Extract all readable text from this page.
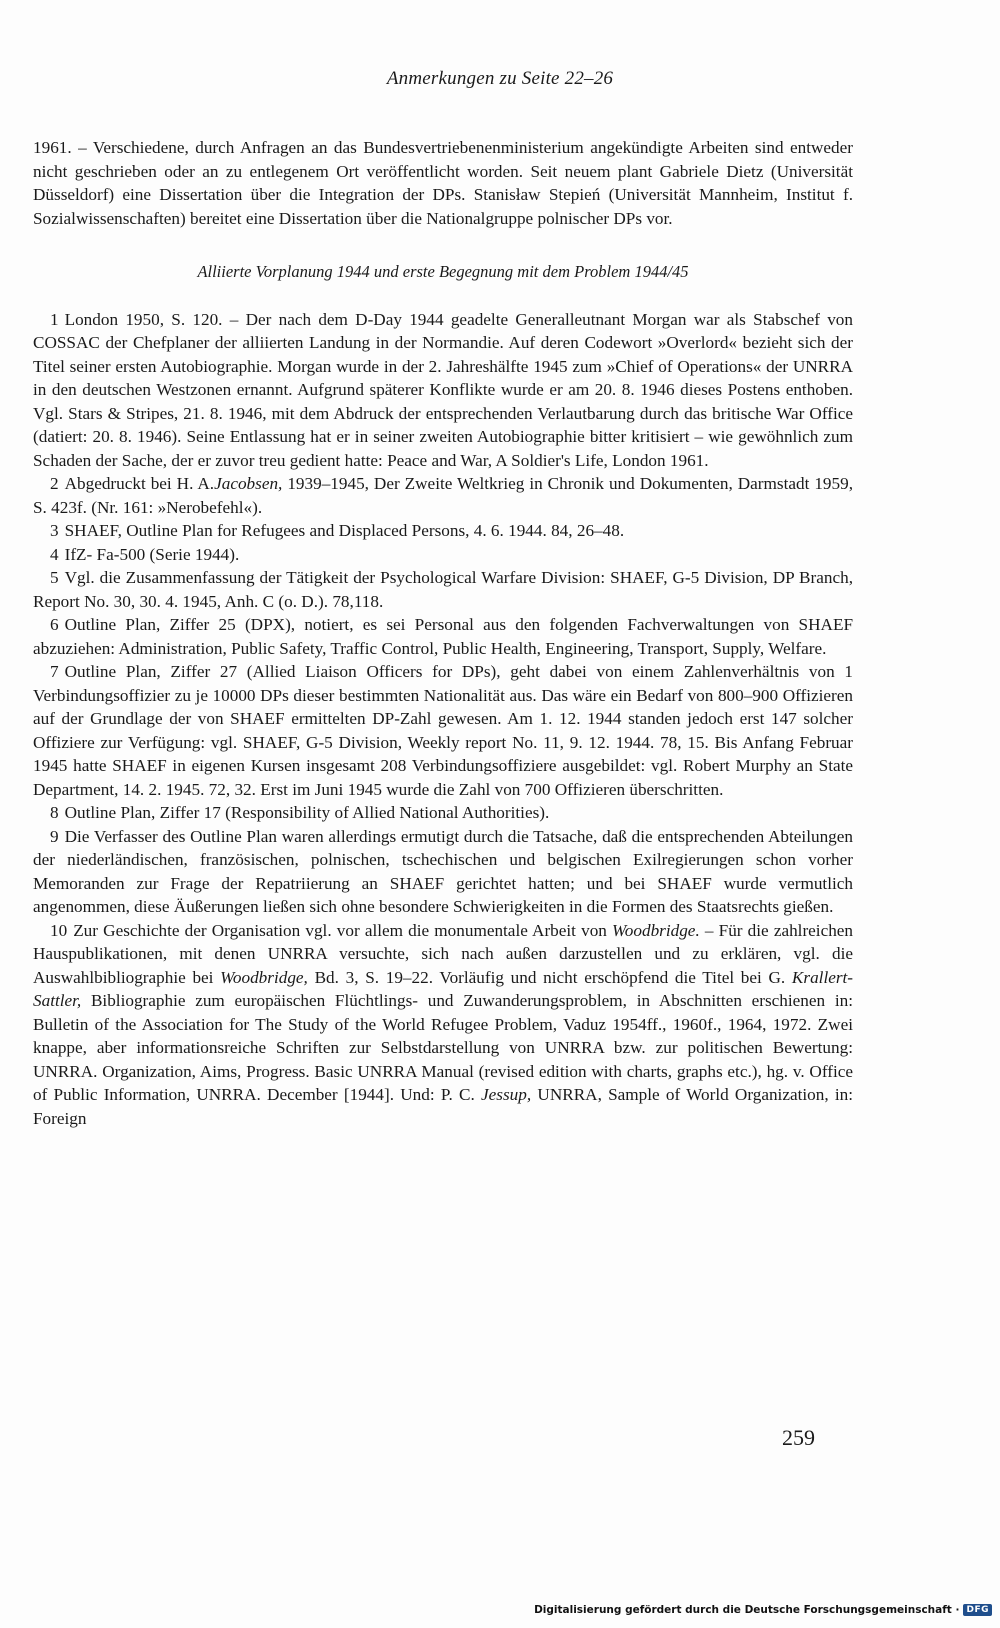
Anmerkungen zu Seite 22–26

1961. – Verschiedene, durch Anfragen an das Bundesvertriebenenministerium angekündigte Arbeiten sind entweder nicht geschrieben oder an zu entlegenem Ort veröffentlicht worden. Seit neuem plant Gabriele Dietz (Universität Düsseldorf) eine Dissertation über die Integration der DPs. Stanisław Stepień (Universität Mannheim, Institut f. Sozialwissenschaften) bereitet eine Dissertation über die Nationalgruppe polnischer DPs vor.

Alliierte Vorplanung 1944 und erste Begegnung mit dem Problem 1944/45

1 London 1950, S. 120. – Der nach dem D-Day 1944 geadelte Generalleutnant Morgan war als Stabschef von COSSAC der Chefplaner der alliierten Landung in der Normandie. Auf deren Codewort »Overlord« bezieht sich der Titel seiner ersten Autobiographie. Morgan wurde in der 2. Jahreshälfte 1945 zum »Chief of Operations« der UNRRA in den deutschen Westzonen ernannt. Aufgrund späterer Konflikte wurde er am 20. 8. 1946 dieses Postens enthoben. Vgl. Stars & Stripes, 21. 8. 1946, mit dem Abdruck der entsprechenden Verlautbarung durch das britische War Office (datiert: 20. 8. 1946). Seine Entlassung hat er in seiner zweiten Autobiographie bitter kritisiert – wie gewöhnlich zum Schaden der Sache, der er zuvor treu gedient hatte: Peace and War, A Soldier's Life, London 1961.

2 Abgedruckt bei H. A.Jacobsen, 1939–1945, Der Zweite Weltkrieg in Chronik und Dokumenten, Darmstadt 1959, S. 423f. (Nr. 161: »Nerobefehl«).

3 SHAEF, Outline Plan for Refugees and Displaced Persons, 4. 6. 1944. 84, 26–48.

4 IfZ- Fa-500 (Serie 1944).

5 Vgl. die Zusammenfassung der Tätigkeit der Psychological Warfare Division: SHAEF, G-5 Division, DP Branch, Report No. 30, 30. 4. 1945, Anh. C (o. D.). 78,118.

6 Outline Plan, Ziffer 25 (DPX), notiert, es sei Personal aus den folgenden Fachverwaltungen von SHAEF abzuziehen: Administration, Public Safety, Traffic Control, Public Health, Engineering, Transport, Supply, Welfare.

7 Outline Plan, Ziffer 27 (Allied Liaison Officers for DPs), geht dabei von einem Zahlenverhältnis von 1 Verbindungsoffizier zu je 10000 DPs dieser bestimmten Nationalität aus. Das wäre ein Bedarf von 800–900 Offizieren auf der Grundlage der von SHAEF ermittelten DP-Zahl gewesen. Am 1. 12. 1944 standen jedoch erst 147 solcher Offiziere zur Verfügung: vgl. SHAEF, G-5 Division, Weekly report No. 11, 9. 12. 1944. 78, 15. Bis Anfang Februar 1945 hatte SHAEF in eigenen Kursen insgesamt 208 Verbindungsoffiziere ausgebildet: vgl. Robert Murphy an State Department, 14. 2. 1945. 72, 32. Erst im Juni 1945 wurde die Zahl von 700 Offizieren überschritten.

8 Outline Plan, Ziffer 17 (Responsibility of Allied National Authorities).

9 Die Verfasser des Outline Plan waren allerdings ermutigt durch die Tatsache, daß die entsprechenden Abteilungen der niederländischen, französischen, polnischen, tschechischen und belgischen Exilregierungen schon vorher Memoranden zur Frage der Repatriierung an SHAEF gerichtet hatten; und bei SHAEF wurde vermutlich angenommen, diese Äußerungen ließen sich ohne besondere Schwierigkeiten in die Formen des Staatsrechts gießen.

10 Zur Geschichte der Organisation vgl. vor allem die monumentale Arbeit von Woodbridge. – Für die zahlreichen Hauspublikationen, mit denen UNRRA versuchte, sich nach außen darzustellen und zu erklären, vgl. die Auswahlbibliographie bei Woodbridge, Bd. 3, S. 19–22. Vorläufig und nicht erschöpfend die Titel bei G. Krallert-Sattler, Bibliographie zum europäischen Flüchtlings- und Zuwanderungsproblem, in Abschnitten erschienen in: Bulletin of the Association for The Study of the World Refugee Problem, Vaduz 1954ff., 1960f., 1964, 1972. Zwei knappe, aber informationsreiche Schriften zur Selbstdarstellung von UNRRA bzw. zur politischen Bewertung: UNRRA. Organization, Aims, Progress. Basic UNRRA Manual (revised edition with charts, graphs etc.), hg. v. Office of Public Information, UNRRA. December [1944]. Und: P. C. Jessup, UNRRA, Sample of World Organization, in: Foreign

259
Digitalisierung gefördert durch die Deutsche Forschungsgemeinschaft · DFG
